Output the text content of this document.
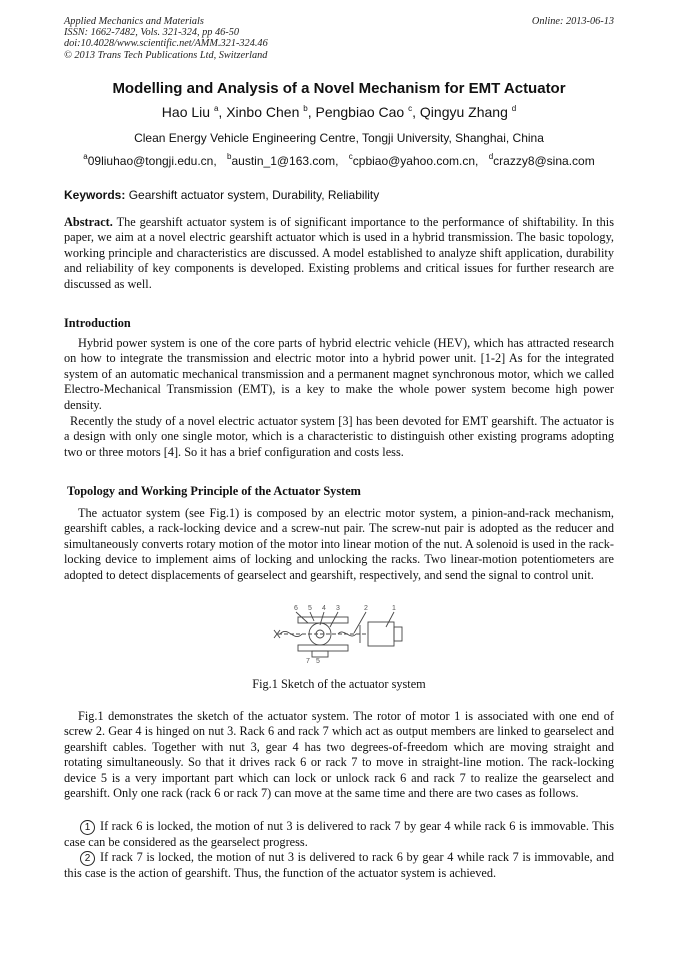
Applied Mechanics and Materials
ISSN: 1662-7482, Vols. 321-324, pp 46-50
doi:10.4028/www.scientific.net/AMM.321-324.46
© 2013 Trans Tech Publications Ltd, Switzerland
Online: 2013-06-13
Modelling and Analysis of a Novel Mechanism for EMT Actuator
Hao Liu $^a$, Xinbo Chen $^b$, Pengbiao Cao $^c$, Qingyu Zhang $^d$
Clean Energy Vehicle Engineering Centre, Tongji University, Shanghai, China
$^a$09liuhao@tongji.edu.cn, $^b$austin_1@163.com, $^c$cpbiao@yahoo.com.cn, $^d$crazzy8@sina.com
Keywords: Gearshift actuator system, Durability, Reliability

Abstract. The gearshift actuator system is of significant importance to the performance of shiftability. In this paper, we aim at a novel electric gearshift actuator which is used in a hybrid transmission. The basic topology, working principle and characteristics are discussed. A model established to analyze shift application, durability and reliability of key components is developed. Existing problems and critical issues for further research are discussed as well.

Introduction

Hybrid power system is one of the core parts of hybrid electric vehicle (HEV), which has attracted research on how to integrate the transmission and electric motor into a hybrid power unit. [1-2] As for the integrated system of an automatic mechanical transmission and a permanent magnet synchronous motor, which we called Electro-Mechanical Transmission (EMT), is a key to make the whole power system become high power density.

Recently the study of a novel electric actuator system [3] has been devoted for EMT gearshift. The actuator is a design with only one single motor, which is a characteristic to distinguish other existing programs adopting two or three motors [4]. So it has a brief configuration and costs less.

Topology and Working Principle of the Actuator System

The actuator system (see Fig.1) is composed by an electric motor system, a pinion-and-rack mechanism, gearshift cables, a rack-locking device and a screw-nut pair. The screw-nut pair is adopted as the reducer and simultaneously converts rotary motion of the motor into linear motion of the nut. A solenoid is used in the rack-locking device to implement aims of locking and unlocking the racks. Two linear-motion potentiometers are adopted to detect displacements of gearselect and gearshift, respectively, and send the signal to control unit.

6 5 4 3	2	1
7 5
Fig.1 Sketch of the actuator system

Fig.1 demonstrates the sketch of the actuator system. The rotor of motor 1 is associated with one end of screw 2. Gear 4 is hinged on nut 3. Rack 6 and rack 7 which act as output members are linked to gearselect and gearshift cables. Together with nut 3, gear 4 has two degrees-of-freedom which are moving straight and rotating simultaneously. So that it drives rack 6 or rack 7 to move in straight-line motion. The rack-locking device 5 is a very important part which can lock or unlock rack 6 and rack 7 to realize the gearselect and gearshift. Only one rack (rack 6 or rack 7) can move at the same time and there are two cases as follows.

1 If rack 6 is locked, the motion of nut 3 is delivered to rack 7 by gear 4 while rack 6 is immovable. This case can be considered as the gearselect progress.

2 If rack 7 is locked, the motion of nut 3 is delivered to rack 6 by gear 4 while rack 7 is immovable, and this case is the action of gearshift. Thus, the function of the actuator system is achieved.
